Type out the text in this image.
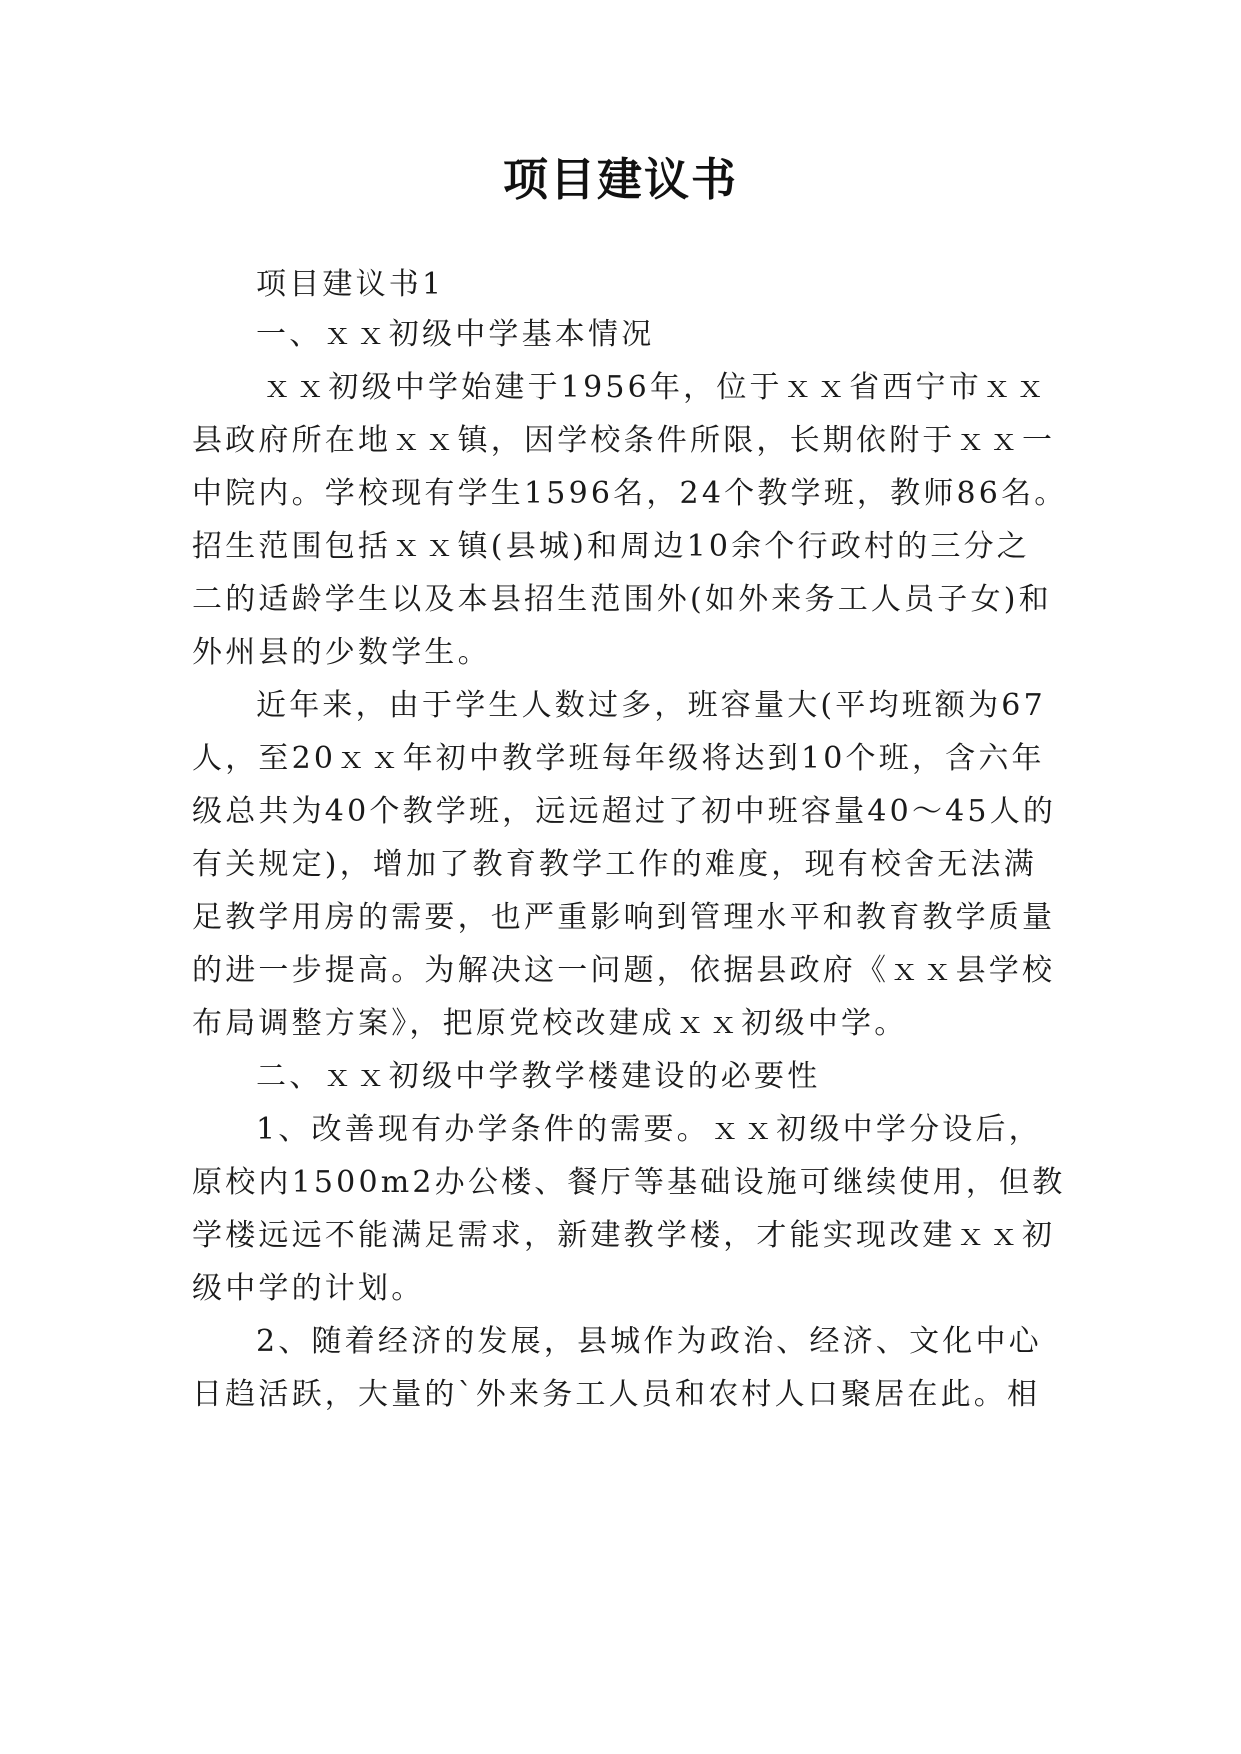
项目建议书
项目建议书1
一、ｘｘ初级中学基本情况
ｘｘ初级中学始建于1956年，位于ｘｘ省西宁市ｘｘ
县政府所在地ｘｘ镇，因学校条件所限，长期依附于ｘｘ一
中院内。学校现有学生1596名，24个教学班，教师86名。
招生范围包括ｘｘ镇(县城)和周边10余个行政村的三分之
二的适龄学生以及本县招生范围外(如外来务工人员子女)和
外州县的少数学生。
近年来，由于学生人数过多，班容量大(平均班额为67
人，至20ｘｘ年初中教学班每年级将达到10个班，含六年
级总共为40个教学班，远远超过了初中班容量40～45人的
有关规定)，增加了教育教学工作的难度，现有校舍无法满
足教学用房的需要，也严重影响到管理水平和教育教学质量
的进一步提高。为解决这一问题，依据县政府《ｘｘ县学校
布局调整方案》，把原党校改建成ｘｘ初级中学。
二、ｘｘ初级中学教学楼建设的必要性
1、改善现有办学条件的需要。ｘｘ初级中学分设后，
原校内1500m2办公楼、餐厅等基础设施可继续使用，但教
学楼远远不能满足需求，新建教学楼，才能实现改建ｘｘ初
级中学的计划。
2、随着经济的发展，县城作为政治、经济、文化中心
日趋活跃，大量的`外来务工人员和农村人口聚居在此。相
